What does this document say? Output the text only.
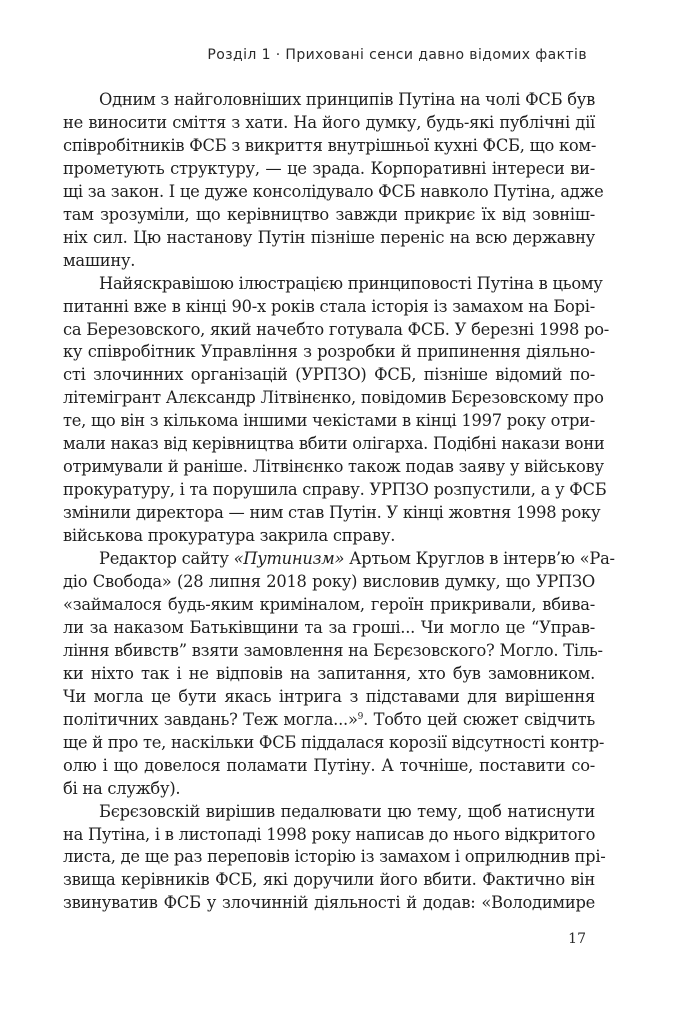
Розділ 1 · Приховані сенси давно відомих фактів
Одним з найголовніших принципів Путіна на чолі ФСБ був
не виносити сміття з хати. На його думку, будь-які публічні дії
співробітників ФСБ з викриття внутрішньої кухні ФСБ, що ком-
прометують структуру, — це зрада. Корпоративні інтереси ви-
щі за закон. І це дуже консолідувало ФСБ навколо Путіна, адже
там зрозуміли, що керівництво завжди прикриє їх від зовніш-
ніх сил. Цю настанову Путін пізніше переніс на всю державну
машину.
Найяскравішою ілюстрацією принциповості Путіна в цьому
питанні вже в кінці 90-х років стала історія із замахом на Борі-
са Березовского, який начебто готувала ФСБ. У березні 1998 ро-
ку співробітник Управління з розробки й припинення діяльно-
сті злочинних організацій (УРПЗО) ФСБ, пізніше відомий по-
літемігрант Алєксандр Літвінєнко, повідомив Бєрезовскому про
те, що він з кількома іншими чекістами в кінці 1997 року отри-
мали наказ від керівництва вбити олігарха. Подібні накази вони
отримували й раніше. Літвінєнко також подав заяву у військову
прокуратуру, і та порушила справу. УРПЗО розпустили, а у ФСБ
змінили директора — ним став Путін. У кінці жовтня 1998 року
військова прокуратура закрила справу.
Редактор сайту «Путинизм» Артьом Круглов в інтерв’ю «Ра-
діо Свобода» (28 липня 2018 року) висловив думку, що УРПЗО
«займалося будь-яким криміналом, героїн прикривали, вбива-
ли за наказом Батьківщини та за гроші... Чи могло це “Управ-
ління вбивств” взяти замовлення на Бєрєзовского? Могло. Тіль-
ки ніхто так і не відповів на запитання, хто був замовником.
Чи могла це бути якась інтрига з підставами для вирішення
політичних завдань? Теж могла...»$^9$. Тобто цей сюжет свідчить
ще й про те, наскільки ФСБ піддалася корозії відсутності контр-
олю і що довелося поламати Путіну. А точніше, поставити со-
бі на службу).
Бєрєзовскій вирішив педалювати цю тему, щоб натиснути
на Путіна, і в листопаді 1998 року написав до нього відкритого
листа, де ще раз переповів історію із замахом і оприлюднив прі-
звища керівників ФСБ, які доручили його вбити. Фактично він
звинуватив ФСБ у злочинній діяльності й додав: «Володимире
17
